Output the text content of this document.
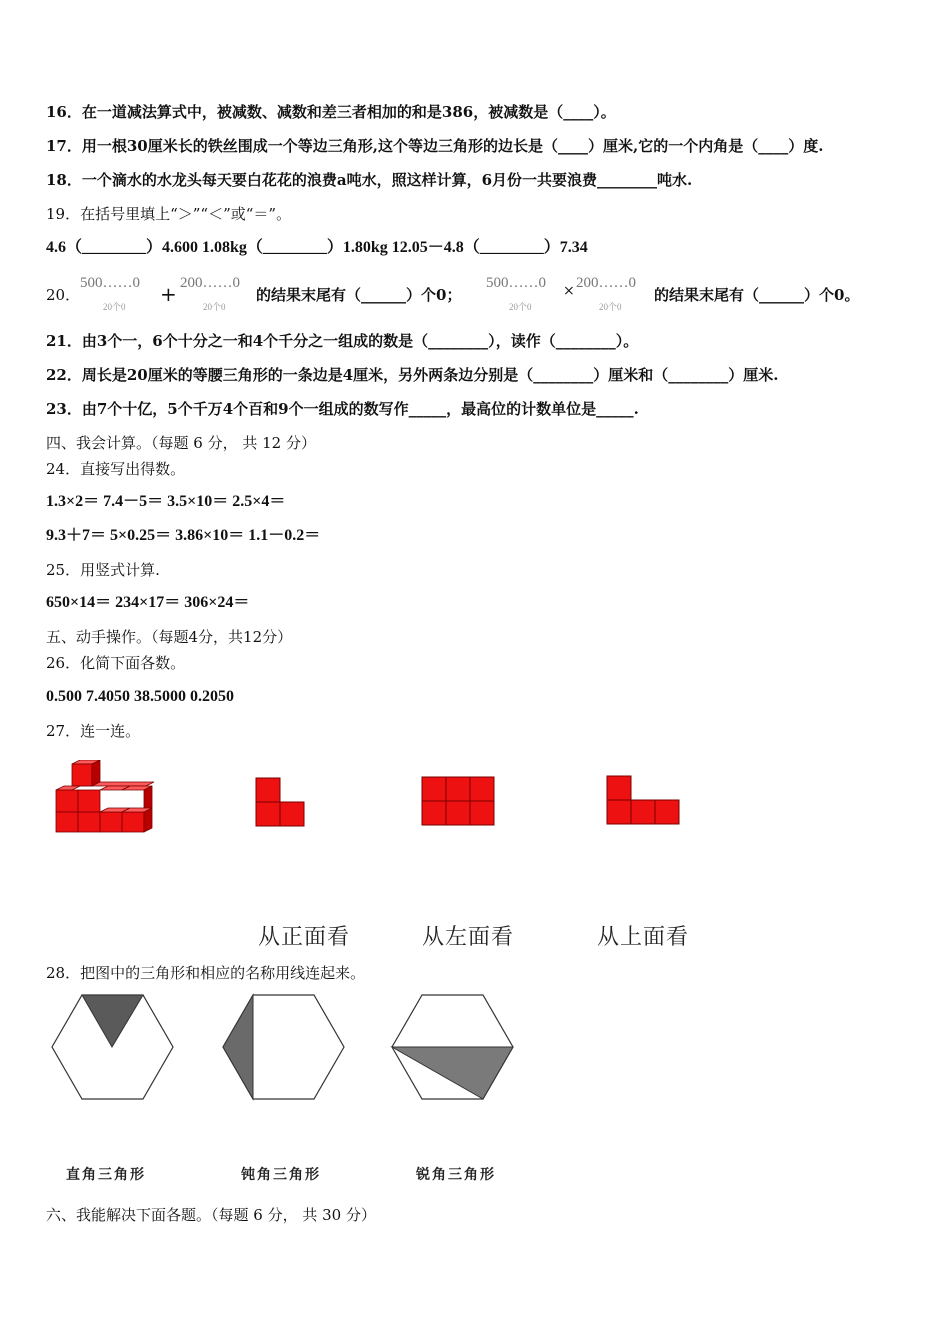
16．在一道减法算式中，被减数、减数和差三者相加的和是386，被减数是（____）。
17．用一根30厘米长的铁丝围成一个等边三角形,这个等边三角形的边长是（____）厘米,它的一个内角是（____）度.
18．一个滴水的水龙头每天要白花花的浪费a吨水，照这样计算，6月份一共要浪费________吨水.
19．在括号里填上“＞”“＜”或“＝”。
4.6（________）4.600 1.08kg（________）1.80kg 12.05－4.8（________）7.34
20．
500……0
20个0
+ 200……0
20个0
的结果末尾有（______）个0；
500……0
20个0
× 200……0
20个0
的结果末尾有（______）个0。
21．由3个一，6个十分之一和4个千分之一组成的数是（________），读作（________）。
22．周长是20厘米的等腰三角形的一条边是4厘米，另外两条边分别是（________）厘米和（________）厘米.
23．由7个十亿，5个千万4个百和9个一组成的数写作_____，最高位的计数单位是_____.
四、我会计算。（每题 6 分， 共 12 分）
24．直接写出得数。
1.3×2＝ 7.4－5＝ 3.5×10＝ 2.5×4＝
9.3＋7＝ 5×0.25＝ 3.86×10＝ 1.1－0.2＝
25．用竖式计算.
650×14＝ 234×17＝ 306×24＝
五、动手操作。（每题4分，共12分）
26．化简下面各数。
0.500 7.4050 38.5000 0.2050
27．连一连。
从正面看	从左面看	从上面看
28．把图中的三角形和相应的名称用线连起来。
直角三角形	钝角三角形	锐角三角形
六、我能解决下面各题。（每题 6 分， 共 30 分）
